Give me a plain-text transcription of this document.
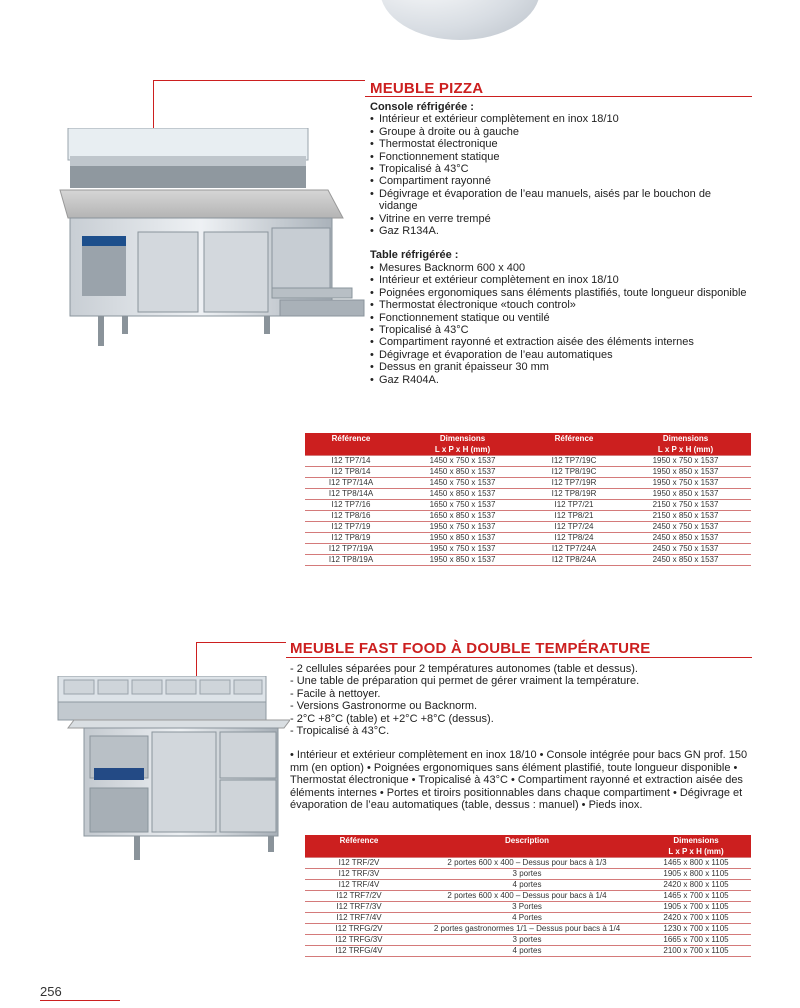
MEUBLE PIZZA
Console réfrigérée :
• Intérieur et extérieur complètement en inox 18/10
• Groupe à droite ou à gauche
• Thermostat électronique
• Fonctionnement statique
• Tropicalisé à 43°C
• Compartiment rayonné
• Dégivrage et évaporation de l’eau manuels, aisés par le bouchon de vidange
• Vitrine en verre trempé
• Gaz R134A.
Table réfrigérée :
• Mesures Backnorm 600 x 400
• Intérieur et extérieur complètement en inox 18/10
• Poignées ergonomiques sans éléments plastifiés, toute longueur disponible
• Thermostat électronique «touch control»
• Fonctionnement statique ou ventilé
• Tropicalisé à 43°C
• Compartiment rayonné et extraction aisée des éléments internes
• Dégivrage et évaporation de l’eau automatiques
• Dessus en granit épaisseur 30 mm
• Gaz R404A.
Référence	Dimensions	Référence	Dimensions
	L x P x H (mm)		L x P x H (mm)
I12 TP7/14	1450 x 750 x 1537	I12 TP7/19C	1950 x 750 x 1537
I12 TP8/14	1450 x 850 x 1537	I12 TP8/19C	1950 x 850 x 1537
I12 TP7/14A	1450 x 750 x 1537	I12 TP7/19R	1950 x 750 x 1537
I12 TP8/14A	1450 x 850 x 1537	I12 TP8/19R	1950 x 850 x 1537
I12 TP7/16	1650 x 750 x 1537	I12 TP7/21	2150 x 750 x 1537
I12 TP8/16	1650 x 850 x 1537	I12 TP8/21	2150 x 850 x 1537
I12 TP7/19	1950 x 750 x 1537	I12 TP7/24	2450 x 750 x 1537
I12 TP8/19	1950 x 850 x 1537	I12 TP8/24	2450 x 850 x 1537
I12 TP7/19A	1950 x 750 x 1537	I12 TP7/24A	2450 x 750 x 1537
I12 TP8/19A	1950 x 850 x 1537	I12 TP8/24A	2450 x 850 x 1537
MEUBLE FAST FOOD À DOUBLE TEMPÉRATURE
- 2 cellules séparées pour 2 températures autonomes (table et dessus).
- Une table de préparation qui permet de gérer vraiment la température.
- Facile à nettoyer.
- Versions Gastronorme ou Backnorm.
- 2°C +8°C (table) et +2°C +8°C (dessus).
- Tropicalisé à 43°C.
• Intérieur et extérieur complètement en inox 18/10 • Console intégrée pour bacs GN prof. 150 mm (en option) • Poignées ergonomiques sans élément plastifié, toute longueur disponible • Thermostat électronique • Tropicalisé à 43°C • Compartiment rayonné et extraction aisée des éléments internes • Portes et tiroirs positionnables dans chaque compartiment • Dégivrage et évaporation de l’eau automatiques (table, dessus : manuel) • Pieds inox.
Référence	Description	Dimensions
		L x P x H (mm)
I12 TRF/2V	2 portes 600 x 400 – Dessus pour bacs à 1/3	1465 x 800 x 1105
I12 TRF/3V	3 portes	1905 x 800 x 1105
I12 TRF/4V	4 portes	2420 x 800 x 1105
I12 TRF7/2V	2 portes 600 x 400 – Dessus pour bacs à 1/4	1465 x 700 x 1105
I12 TRF7/3V	3 Portes	1905 x 700 x 1105
I12 TRF7/4V	4 Portes	2420 x 700 x 1105
I12 TRFG/2V	2 portes gastronormes 1/1 – Dessus pour bacs à 1/4	1230 x 700 x 1105
I12 TRFG/3V	3 portes	1665 x 700 x 1105
I12 TRFG/4V	4 portes	2100 x 700 x 1105
256
